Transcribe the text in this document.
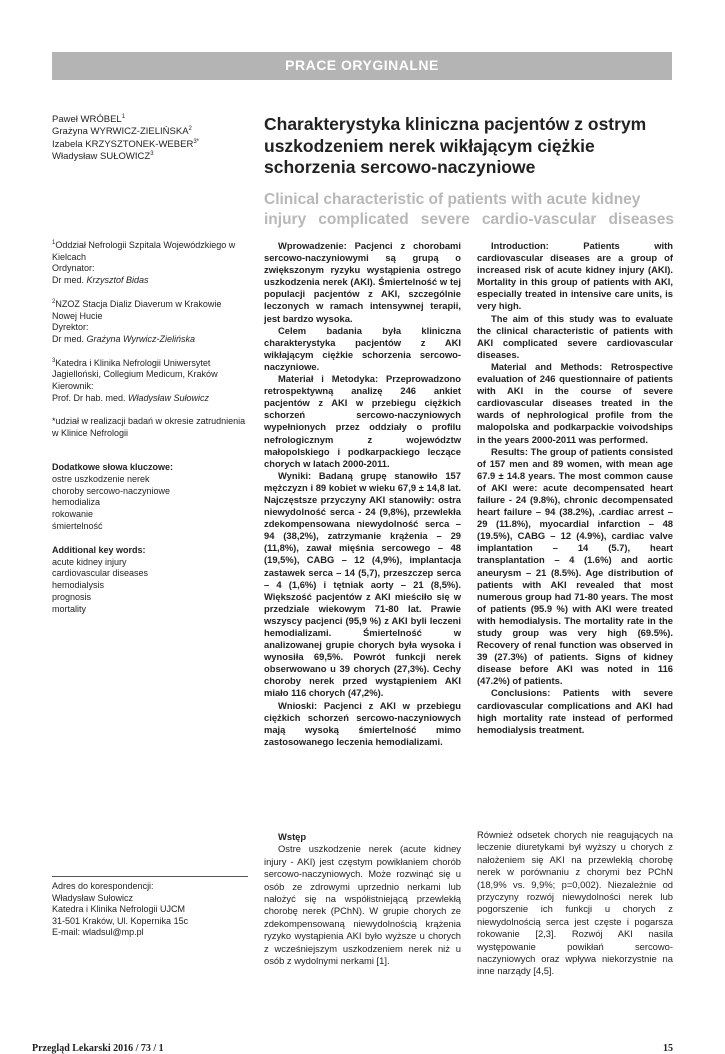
PRACE ORYGINALNE
Paweł WRÓBEL$^1$
Grażyna WYRWICZ-ZIELIŃSKA$^2$
Izabela KRZYSZTONEK-$WEBER^{3*}$
Władysław SUŁOWICZ$^3$
Charakterystyka kliniczna pacjentów z ostrym uszkodzeniem nerek wikłającym ciężkie schorzenia sercowo-naczyniowe
Clinical characteristic of patients with acute kidney

injury complicated severe cardio-vascular diseases
$^1$Oddział Nefrologii Szpitala Wojewódzkiego w Kielcach
Ordynator:
Dr med. Krzysztof Bidas
$^2$NZOZ Stacja Dializ Diaverum w Krakowie Nowej Hucie
Dyrektor:
Dr med. Grażyna Wyrwicz-Zielińska
$^3$Katedra i Klinika Nefrologii Uniwersytet Jagielloński, Collegium Medicum, Kraków
Kierownik:
Prof. Dr hab. med. Władysław Sułowicz
*udział w realizacji badań w okresie zatrudnienia w Klinice Nefrologii
Dodatkowe słowa kluczowe:
ostre uszkodzenie nerek
choroby sercowo-naczyniowe
hemodializa
rokowanie
śmiertelność
Additional key words:
acute kidney injury
cardiovascular diseases
hemodialysis
prognosis
mortality
Adres do korespondencji:
Władysław Sułowicz
Katedra i Klinika Nefrologii UJCM
31-501 Kraków, Ul. Kopernika 15c
E-mail: wladsul@mp.pl

Wprowadzenie: Pacjenci z chorobami sercowo-naczyniowymi są grupą o zwiększonym ryzyku wystąpienia ostrego uszkodzenia nerek (AKI). Śmiertelność w tej populacji pacjentów z AKI, szczególnie leczonych w ramach intensywnej terapii, jest bardzo wysoka.

Celem badania była kliniczna charakterystyka pacjentów z AKI wikłającym ciężkie schorzenia sercowo-naczyniowe.

Materiał i Metodyka: Przeprowadzono retrospektywną analizę 246 ankiet pacjentów z AKI w przebiegu ciężkich schorzeń sercowo-naczyniowych wypełnionych przez oddziały o profilu nefrologicznym z województw małopolskiego i podkarpackiego leczące chorych w latach 2000-2011.

Wyniki: Badaną grupę stanowiło 157 mężczyzn i 89 kobiet w wieku 67,9 ± 14,8 lat. Najczęstsze przyczyny AKI stanowiły: ostra niewydolność serca - 24 (9,8%), przewlekła zdekompensowana niewydolność serca – 94 (38,2%), zatrzymanie krążenia – 29 (11,8%), zawał mięśnia sercowego – 48 (19,5%), CABG – 12 (4,9%), implantacja zastawek serca – 14 (5,7), przeszczep serca – 4 (1,6%) i tętniak aorty – 21 (8,5%). Większość pacjentów z AKI mieściło się w przedziale wiekowym 71-80 lat. Prawie wszyscy pacjenci (95,9 %) z AKI byli leczeni hemodializami. Śmiertelność w analizowanej grupie chorych była wysoka i wynosiła 69,5%. Powrót funkcji nerek obserwowano u 39 chorych (27,3%). Cechy choroby nerek przed wystąpieniem AKI miało 116 chorych (47,2%).

Wnioski: Pacjenci z AKI w przebiegu ciężkich schorzeń sercowo-naczyniowych mają wysoką śmiertelność mimo zastosowanego leczenia hemodializami.

Introduction: Patients with cardiovascular diseases are a group of increased risk of acute kidney injury (AKI). Mortality in this group of patients with AKI, especially treated in intensive care units, is very high.

The aim of this study was to evaluate the clinical characteristic of patients with AKI complicated severe cardiovascular diseases.

Material and Methods: Retrospective evaluation of 246 questionnaire of patients with AKI in the course of severe cardiovascular diseases treated in the wards of nephrological profile from the malopolska and podkarpackie voivodships in the years 2000-2011 was performed.

Results: The group of patients consisted of 157 men and 89 women, with mean age 67.9 ± 14.8 years. The most common cause of AKI were: acute decompensated heart failure - 24 (9.8%), chronic decompensated heart failure – 94 (38.2%), .cardiac arrest – 29 (11.8%), myocardial infarction – 48 (19.5%), CABG – 12 (4.9%), cardiac valve implantation – 14 (5.7), heart transplantation – 4 (1.6%) and aortic aneurysm – 21 (8.5%). Age distribution of patients with AKI revealed that most numerous group had 71-80 years. The most of patients (95.9 %) with AKI were treated with hemodialysis. The mortality rate in the study group was very high (69.5%). Recovery of renal function was observed in 39 (27.3%) of patients. Signs of kidney disease before AKI was noted in 116 (47.2%) of patients.

Conclusions: Patients with severe cardiovascular complications and AKI had high mortality rate instead of performed hemodialysis treatment.

Wstęp

Ostre uszkodzenie nerek (acute kidney injury - AKI) jest częstym powikłaniem chorób sercowo-naczyniowych. Może rozwinąć się u osób ze zdrowymi uprzednio nerkami lub nałożyć się na współistniejącą przewlekłą chorobę nerek (PChN). W grupie chorych ze zdekompensowaną niewydolnością krążenia ryzyko wystąpienia AKI było wyższe u chorych z wcześniejszym uszkodzeniem nerek niż u osób z wydolnymi nerkami [1].

Również odsetek chorych nie reagujących na leczenie diuretykami był wyższy u chorych z nałożeniem się AKI na przewlekłą chorobę nerek w porównaniu z chorymi bez PChN (18,9% vs. 9,9%; p=0,002). Niezależnie od przyczyny rozwój niewydolności nerek lub pogorszenie ich funkcji u chorych z niewydolnością serca jest częste i pogarsza rokowanie [2,3]. Rozwój AKI nasila występowanie powikłań sercowo-naczyniowych oraz wpływa niekorzystnie na inne narządy [4,5].

Przegląd Lekarski 2016 / 73 / 1	15
